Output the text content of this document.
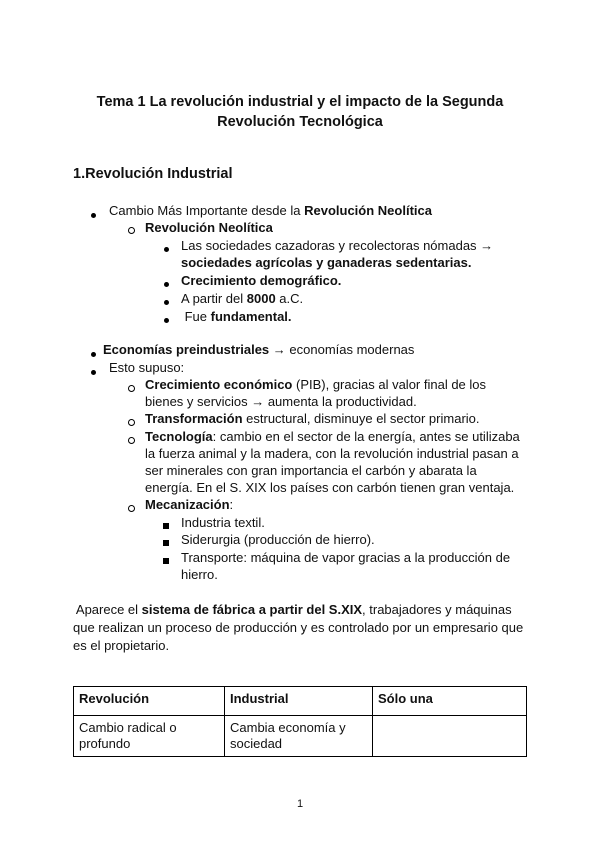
Tema 1 La revolución industrial y el impacto de la Segunda
Revolución Tecnológica
1.Revolución Industrial
Cambio Más Importante desde la Revolución Neolítica
Revolución Neolítica
Las sociedades cazadoras y recolectoras nómadas →
sociedades agrícolas y ganaderas sedentarias.
Crecimiento demográfico.
A partir del 8000 a.C.
Fue fundamental.
Economías preindustriales → economías modernas
Esto supuso:
Crecimiento económico (PIB), gracias al valor final de los
bienes y servicios → aumenta la productividad.
Transformación estructural, disminuye el sector primario.
Tecnología: cambio en el sector de la energía, antes se utilizaba
la fuerza animal y la madera, con la revolución industrial pasan a
ser minerales con gran importancia el carbón y abarata la
energía. En el S. XIX los países con carbón tienen gran ventaja.
Mecanización:
Industria textil.
Siderurgia (producción de hierro).
Transporte: máquina de vapor gracias a la producción de
hierro.
Aparece el sistema de fábrica a partir del S.XIX, trabajadores y máquinas
que realizan un proceso de producción y es controlado por un empresario que
es el propietario.
Revolución	Industrial	Sólo una
Cambio radical o profundo	Cambia economía y sociedad	
1
